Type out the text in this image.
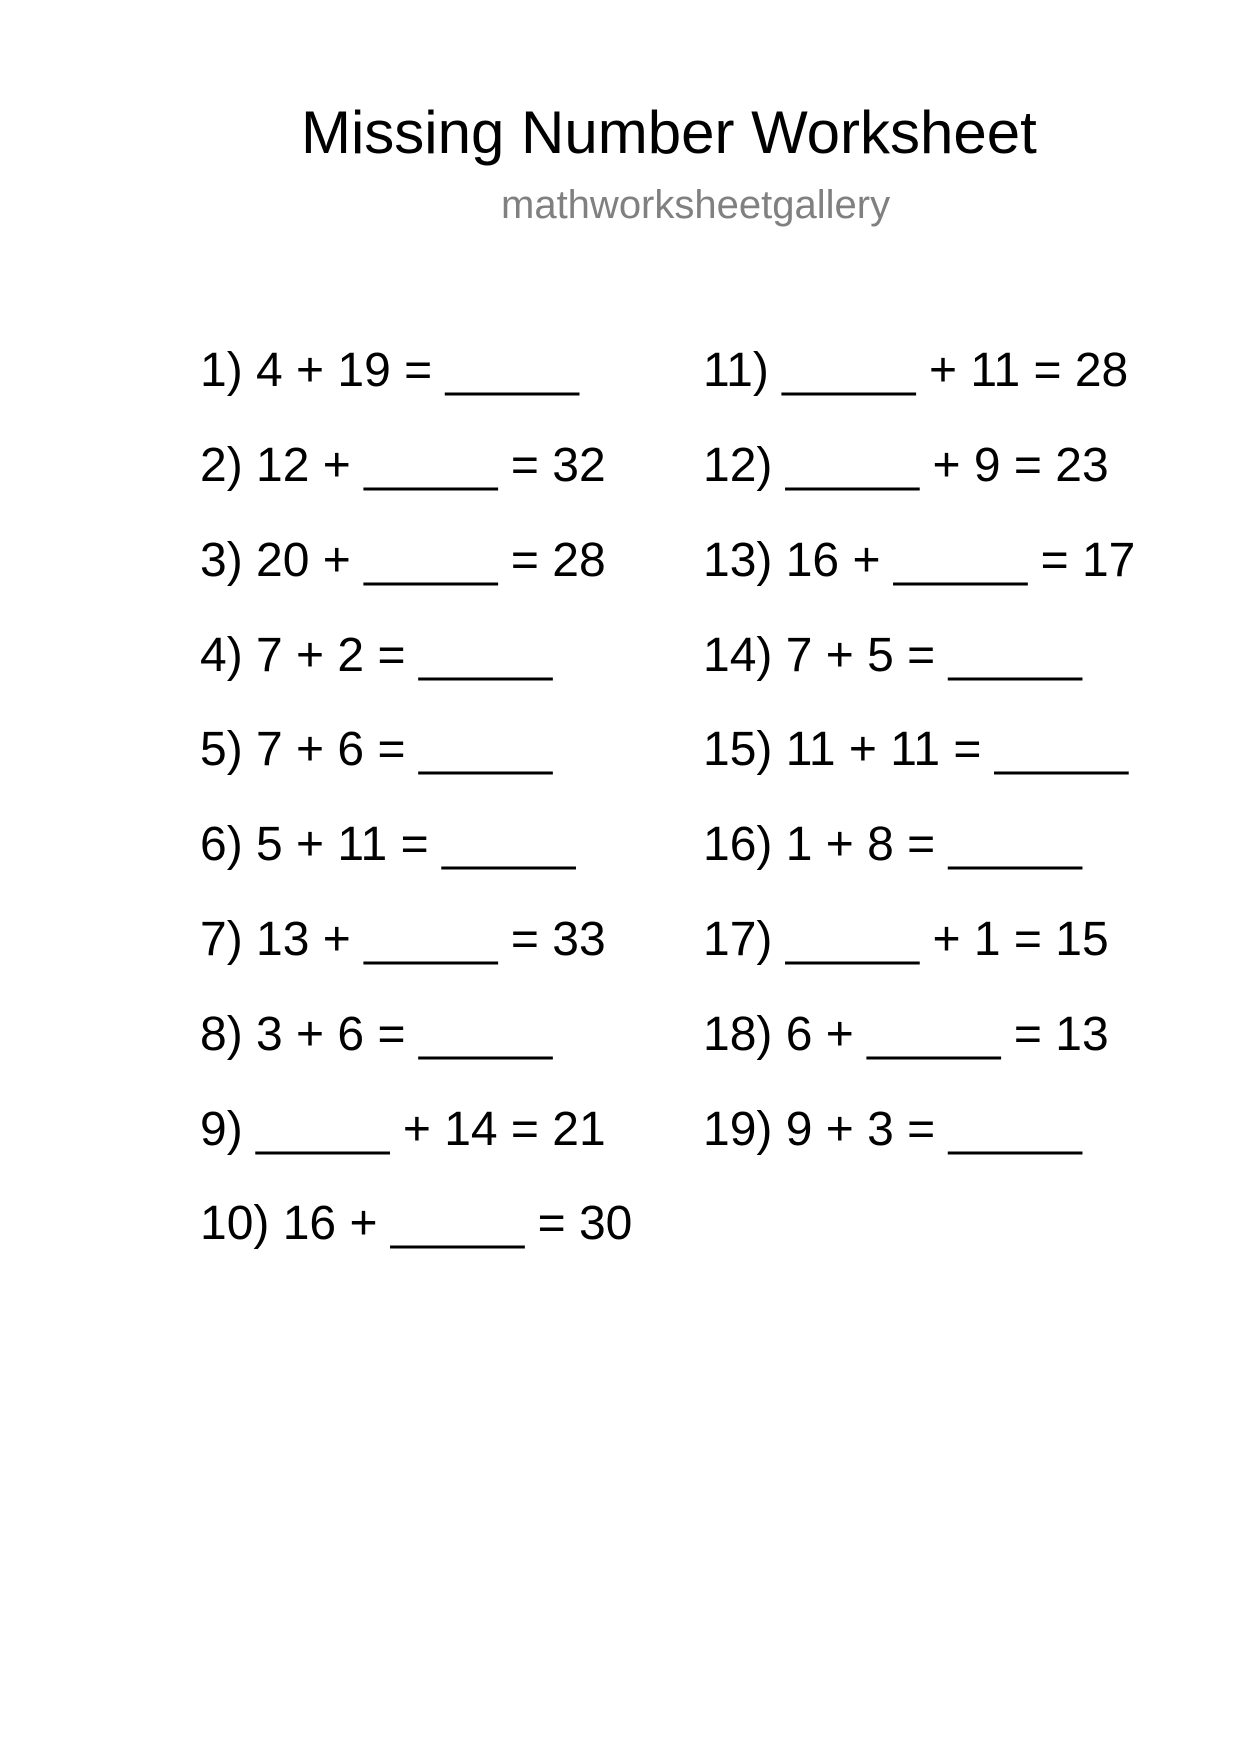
Missing Number Worksheet
mathworksheetgallery
1) 4 + 19 = _____
2) 12 + _____ = 32
3) 20 + _____ = 28
4) 7 + 2 = _____
5) 7 + 6 = _____
6) 5 + 11 = _____
7) 13 + _____ = 33
8) 3 + 6 = _____
9) _____ + 14 = 21
10) 16 + _____ = 30
11) _____ + 11 = 28
12) _____ + 9 = 23
13) 16 + _____ = 17
14) 7 + 5 = _____
15) 11 + 11 = _____
16) 1 + 8 = _____
17) _____ + 1 = 15
18) 6 + _____ = 13
19) 9 + 3 = _____
